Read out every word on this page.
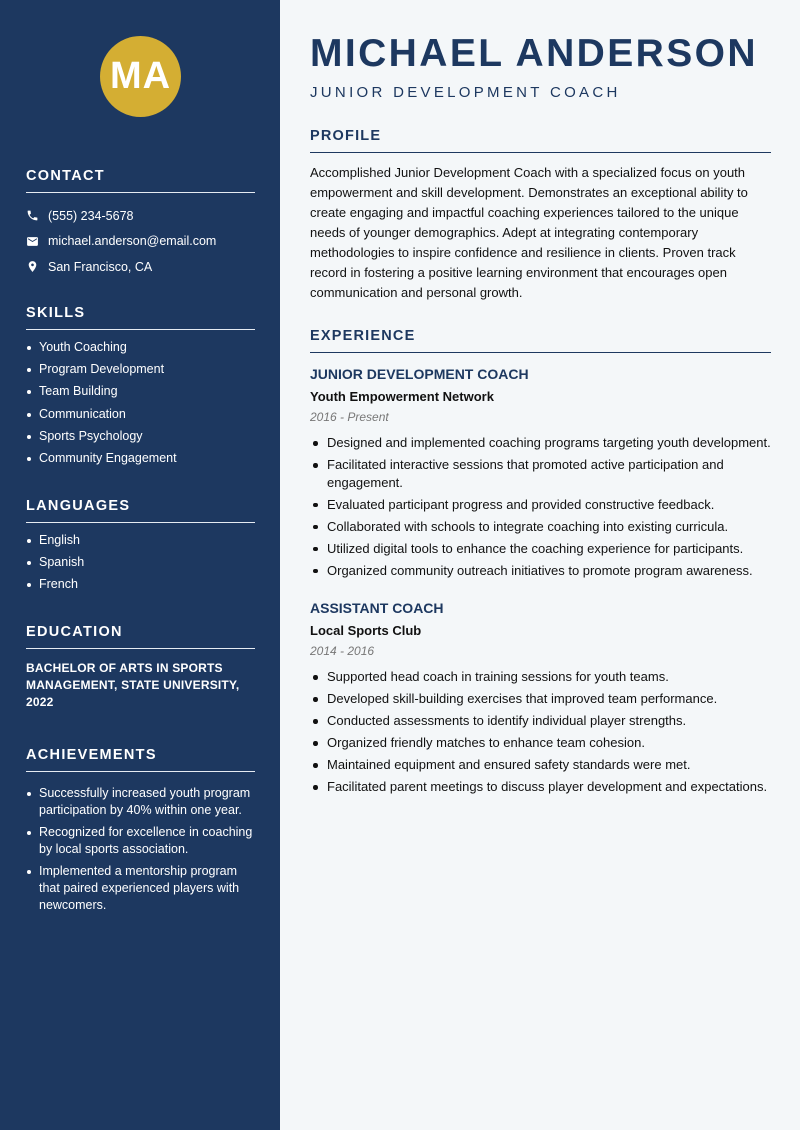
MA
CONTACT
(555) 234-5678
michael.anderson@email.com
San Francisco, CA
SKILLS
Youth Coaching
Program Development
Team Building
Communication
Sports Psychology
Community Engagement
LANGUAGES
English
Spanish
French
EDUCATION

BACHELOR OF ARTS IN SPORTS MANAGEMENT, STATE UNIVERSITY, 2022

ACHIEVEMENTS
Successfully increased youth program participation by 40% within one year.
Recognized for excellence in coaching by local sports association.
Implemented a mentorship program that paired experienced players with newcomers.
MICHAEL ANDERSON
JUNIOR DEVELOPMENT COACH
PROFILE

Accomplished Junior Development Coach with a specialized focus on youth empowerment and skill development. Demonstrates an exceptional ability to create engaging and impactful coaching experiences tailored to the unique needs of younger demographics. Adept at integrating contemporary methodologies to inspire confidence and resilience in clients. Proven track record in fostering a positive learning environment that encourages open communication and personal growth.

EXPERIENCE
JUNIOR DEVELOPMENT COACH
Youth Empowerment Network
2016 - Present
Designed and implemented coaching programs targeting youth development.
Facilitated interactive sessions that promoted active participation and engagement.
Evaluated participant progress and provided constructive feedback.
Collaborated with schools to integrate coaching into existing curricula.
Utilized digital tools to enhance the coaching experience for participants.
Organized community outreach initiatives to promote program awareness.
ASSISTANT COACH
Local Sports Club
2014 - 2016
Supported head coach in training sessions for youth teams.
Developed skill-building exercises that improved team performance.
Conducted assessments to identify individual player strengths.
Organized friendly matches to enhance team cohesion.
Maintained equipment and ensured safety standards were met.
Facilitated parent meetings to discuss player development and expectations.
